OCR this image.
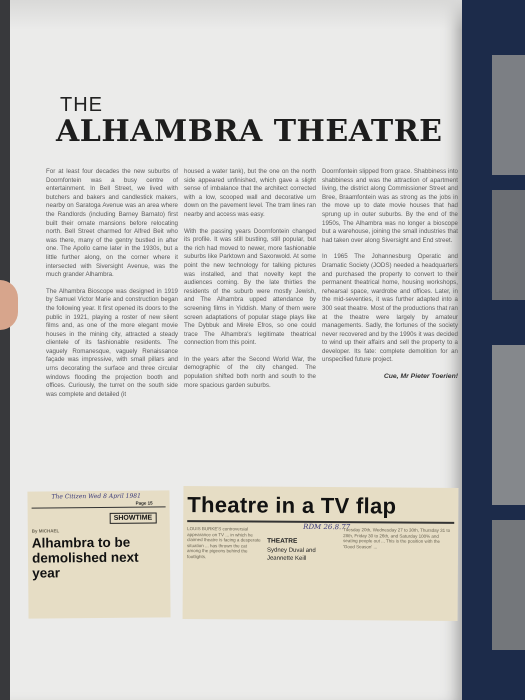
THE
ALHAMBRA THEATRE

For at least four decades the new suburbs of Doornfontein was a busy centre of entertainment. In Bell Street, we lived with butchers and bakers and candlestick makers, nearby on Saratoga Avenue was an area where the Randlords (including Barney Barnato) first built their ornate mansions before relocating north. Bell Street charmed for Alfred Beit who was there, many of the gentry bustled in after one. The Apollo came later in the 1930s, but a little further along, on the corner where it intersected with Siversight Avenue, was the much grander Alhambra.

The Alhambra Bioscope was designed in 1919 by Samuel Victor Marie and construction began the following year. It first opened its doors to the public in 1921, playing a roster of new silent films and, as one of the more elegant movie houses in the mining city, attracted a steady clientele of its fashionable residents. The vaguely Romanesque, vaguely Renaissance façade was impressive, with small pillars and urns decorating the surface and three circular windows flooding the projection booth and offices. Curiously, the turret on the south side was complete and detailed (it

housed a water tank), but the one on the north side appeared unfinished, which gave a slight sense of imbalance that the architect corrected with a low, scooped wall and decorative urn down on the pavement level. The tram lines ran nearby and access was easy.

With the passing years Doornfontein changed its profile. It was still bustling, still popular, but the rich had moved to newer, more fashionable suburbs like Parktown and Saxonwold. At some point the new technology for talking pictures was installed, and that novelty kept the audiences coming. By the late thirties the residents of the suburb were mostly Jewish, and The Alhambra upped attendance by screening films in Yiddish. Many of them were screen adaptations of popular stage plays like The Dybbuk and Mirele Efros, so one could trace The Alhambra's legitimate theatrical connection from this point.

In the years after the Second World War, the demographic of the city changed. The population shifted both north and south to the more spacious garden suburbs.

Doornfontein slipped from grace. Shabbiness into shabbiness and was the attraction of apartment living, the district along Commissioner Street and Bree, Braamfontein was as strong as the jobs in the move up to date movie houses that had sprung up in outer suburbs. By the end of the 1950s, The Alhambra was no longer a bioscope but a warehouse, joining the small industries that had taken over along Siversight and End street.

In 1965 The Johannesburg Operatic and Dramatic Society (JODS) needed a headquarters and purchased the property to convert to their permanent theatrical home, housing workshops, rehearsal space, wardrobe and offices. Later, in the mid-seventies, it was further adapted into a 300 seat theatre. Most of the productions that ran at the theatre were largely by amateur managements. Sadly, the fortunes of the society never recovered and by the 1990s it was decided to wind up their affairs and sell the property to a developer. Its fate: complete demolition for an unspecified future project.

Cue, Mr Pieter Toerien!

The Citizen Wed 8 April 1981
Page 15
SHOWTIME
Alhambra to be demolished next year
By MICHAEL
Theatre in a TV flap
RDM 26.8.77
THEATRE
Sydney Duval and Jeannette Keill
LOUIS BURKE'S controversial appearance on TV ... in which he claimed theatre is facing a desperate situation ... has thrown the cat among the pigeons behind the footlights.
Tuesday 20th, Wednesday 27 to 30th, Thursday 31 to 28th, Friday 30 to 26th, and Saturday 100% and seating people out ... This is the position with the 'Good Season' ...
